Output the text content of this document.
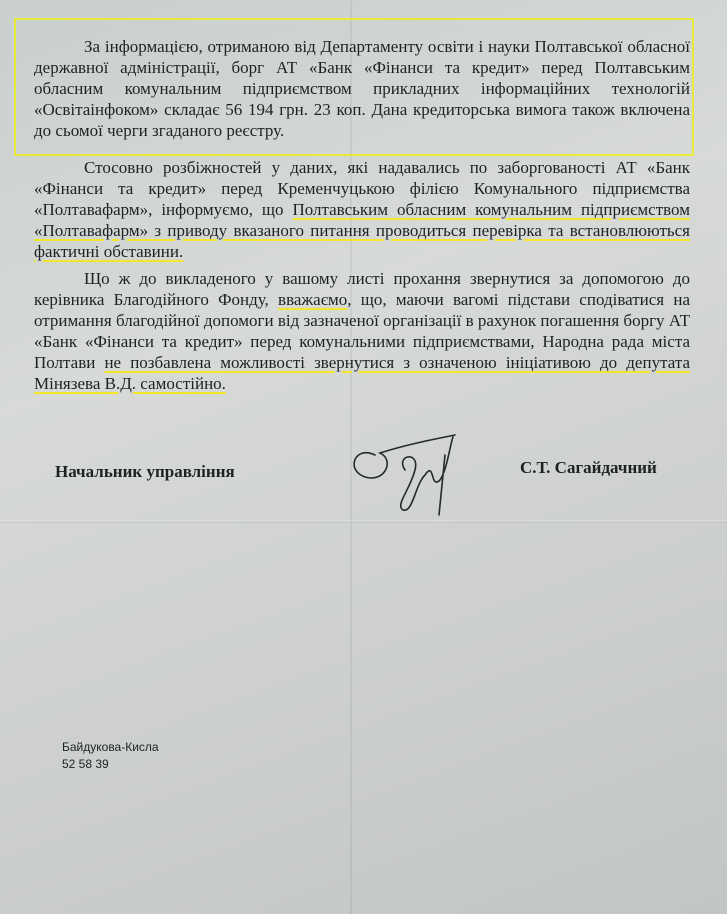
За інформацією, отриманою від Департаменту освіти і науки Полтавської обласної державної адміністрації, борг АТ «Банк «Фінанси та кредит» перед Полтавським обласним комунальним підприємством прикладних інформаційних технологій «Освітаінфоком» складає 56 194 грн. 23 коп. Дана кредиторська вимога також включена до сьомої черги згаданого реєстру.

Стосовно розбіжностей у даних, які надавались по заборгованості АТ «Банк «Фінанси та кредит» перед Кременчуцькою філією Комунального підприємства «Полтавафарм», інформуємо, що Полтавським обласним комунальним підприємством «Полтавафарм» з приводу вказаного питання проводиться перевірка та встановлюються фактичні обставини.

Що ж до викладеного у вашому листі прохання звернутися за допомогою до керівника Благодійного Фонду, вважаємо, що, маючи вагомі підстави сподіватися на отримання благодійної допомоги від зазначеної організації в рахунок погашення боргу АТ «Банк «Фінанси та кредит» перед комунальними підприємствами, Народна рада міста Полтави не позбавлена можливості звернутися з означеною ініціативою до депутата Мінязева В.Д. самостійно.

Начальник управління	С.Т. Сагайдачний

Байдукова-Кисла

52 58 39
